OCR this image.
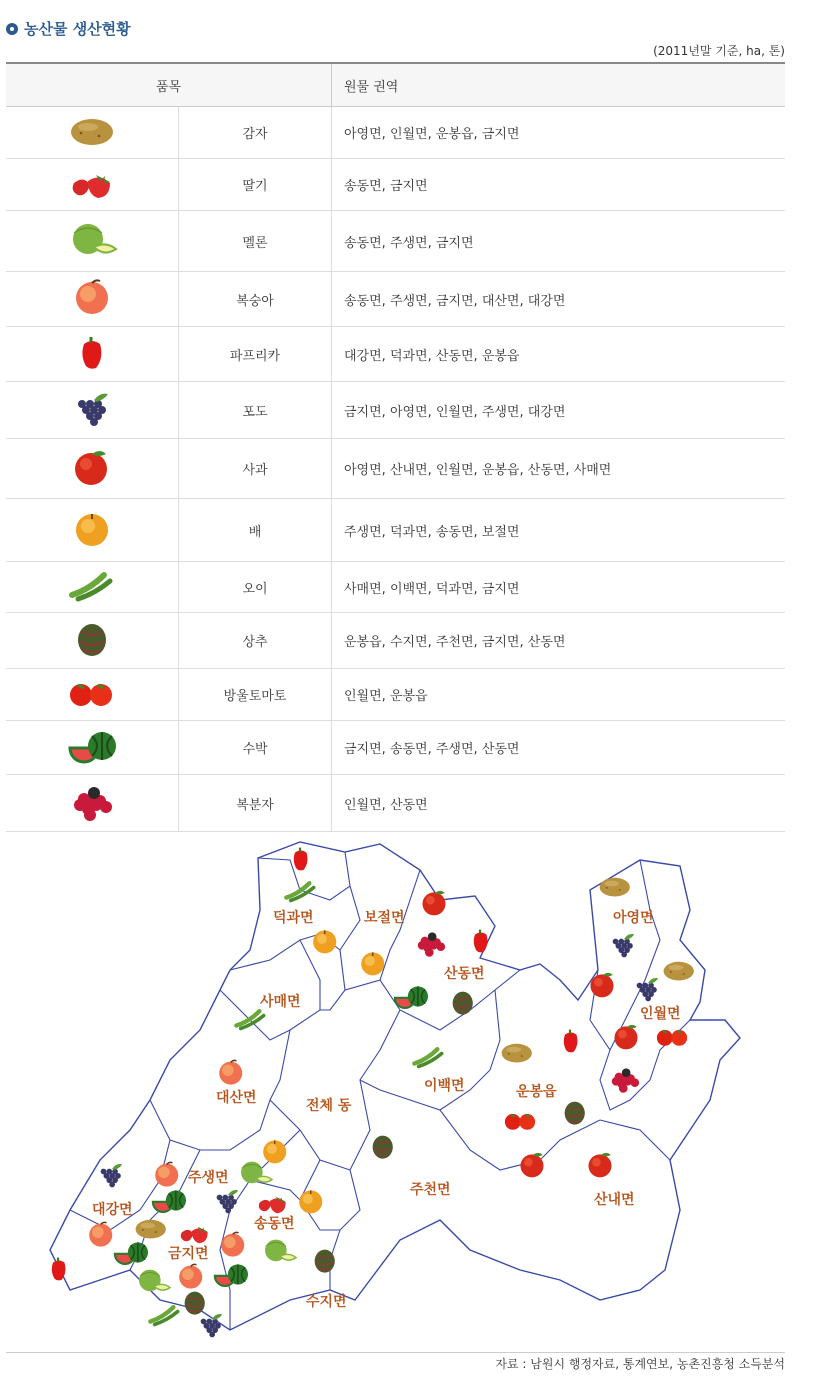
농산물 생산현황
(2011년말 기준, ha, 톤)
품목		원물 권역
	감자	아영면, 인월면, 운봉읍, 금지면
	딸기	송동면, 금지면
	멜론	송동면, 주생면, 금지면
	복숭아	송동면, 주생면, 금지면, 대산면, 대강면
	파프리카	대강면, 덕과면, 산동면, 운봉읍
	포도	금지면, 아영면, 인월면, 주생면, 대강면
	사과	아영면, 산내면, 인월면, 운봉읍, 산동면, 사매면
	배	주생면, 덕과면, 송동면, 보절면
	오이	사매면, 이백면, 덕과면, 금지면
	상추	운봉읍, 수지면, 주천면, 금지면, 산동면
	방울토마토	인월면, 운봉읍
	수박	금지면, 송동면, 주생면, 산동면
	복분자	인월면, 산동면
덕과면	보절면	아영면
산동면
사매면
인월면
대산면	전체 동
이백면	운봉읍
주생면
대강면
송동면
금지면
주천면
산내면
수지면
자료 : 남원시 행정자료, 통계연보, 농촌진흥청 소득분석
